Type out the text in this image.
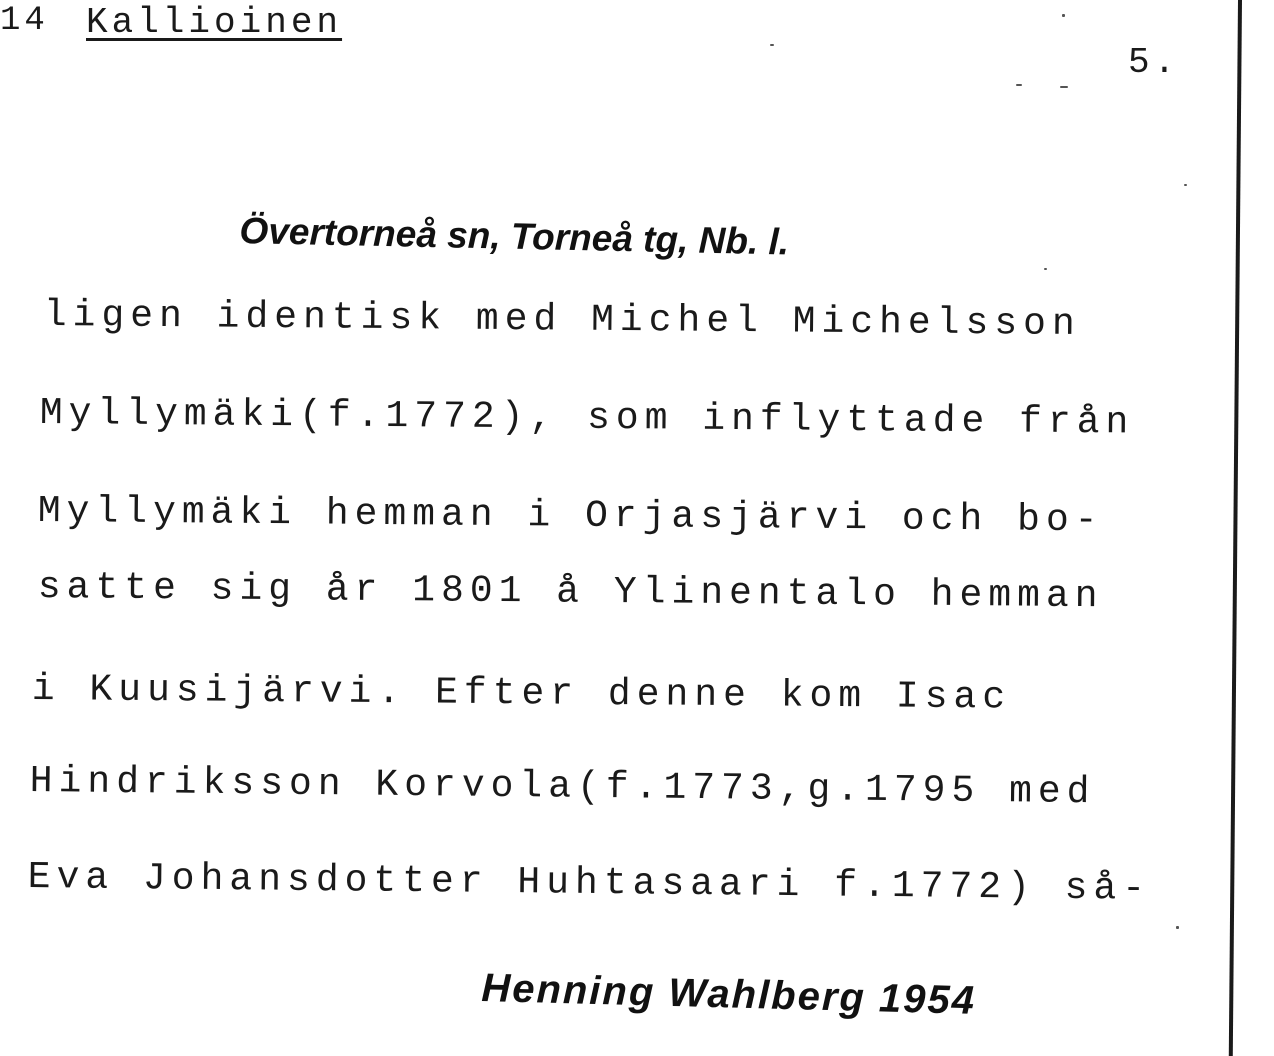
14 Kallioinen
5.
Övertorneå sn, Torneå tg, Nb. l.
ligen identisk med Michel Michelsson
Myllymäki(f.1772), som inflyttade från
Myllymäki hemman i Orjasjärvi och bo-
satte sig år 1801 å Ylinentalo hemman
i Kuusijärvi. Efter denne kom Isac
Hindriksson Korvola(f.1773,g.1795 med
Eva Johansdotter Huhtasaari f.1772) så-
Henning Wahlberg 1954
